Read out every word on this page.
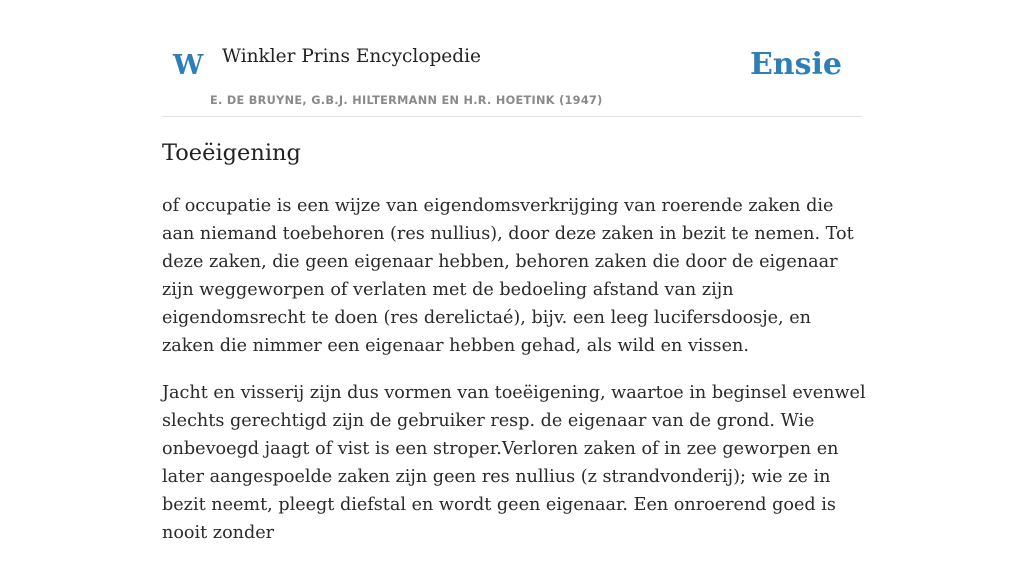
W Winkler Prins Encyclopedie
E. DE BRUYNE, G.B.J. HILTERMANN EN H.R. HOETINK (1947)
Ensie
Toeëigening

of occupatie is een wijze van eigendomsverkrijging van roerende zaken die aan niemand toebehoren (res nullius), door deze zaken in bezit te nemen. Tot deze zaken, die geen eigenaar hebben, behoren zaken die door de eigenaar zijn weggeworpen of verlaten met de bedoeling afstand van zijn eigendomsrecht te doen (res derelictaé), bijv. een leeg lucifersdoosje, en zaken die nimmer een eigenaar hebben gehad, als wild en vissen.

Jacht en visserij zijn dus vormen van toeëigening, waartoe in beginsel evenwel slechts gerechtigd zijn de gebruiker resp. de eigenaar van de grond. Wie onbevoegd jaagt of vist is een stroper.Verloren zaken of in zee geworpen en later aangespoelde zaken zijn geen res nullius (z strandvonderij); wie ze in bezit neemt, pleegt diefstal en wordt geen eigenaar. Een onroerend goed is nooit zonder
